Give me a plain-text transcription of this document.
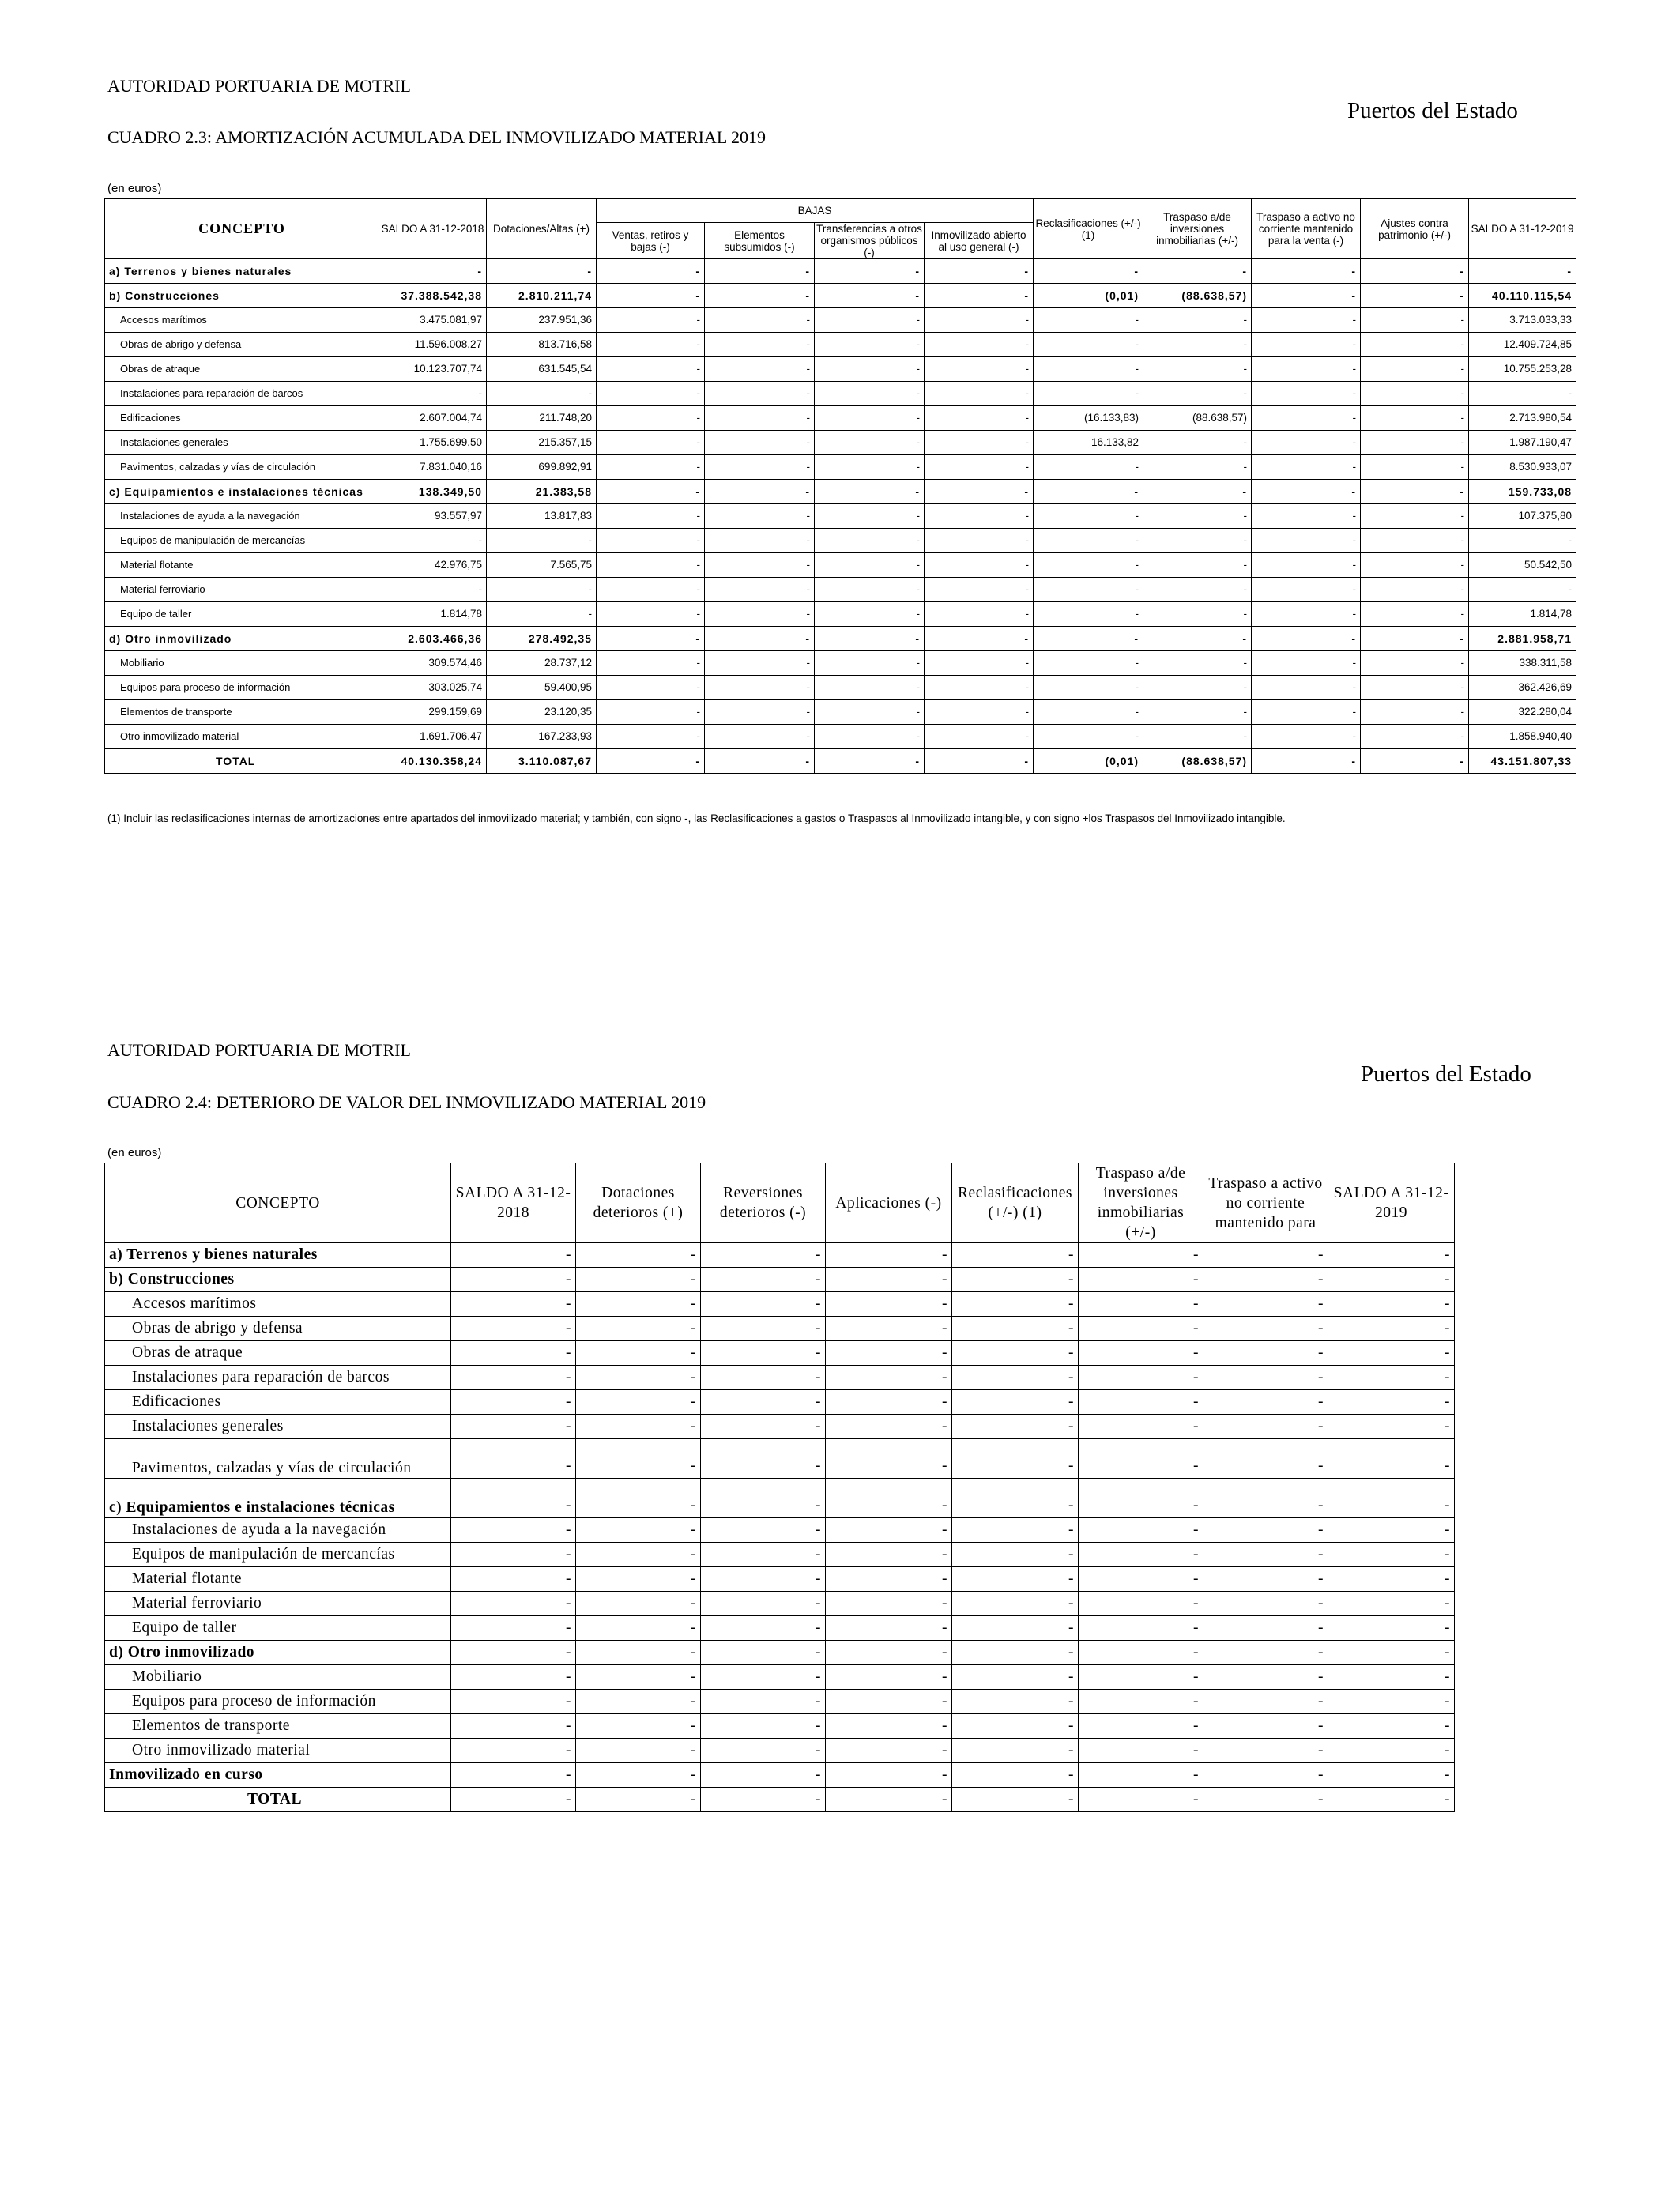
AUTORIDAD PORTUARIA DE MOTRIL
Puertos del Estado
CUADRO 2.3: AMORTIZACIÓN ACUMULADA DEL INMOVILIZADO MATERIAL 2019
(en euros)
CONCEPTO	SALDO A 31-12-2018	Dotaciones/Altas (+)	BAJAS				Reclasificaciones (+/-) (1)	Traspaso a/de inversiones inmobiliarias (+/-)	Traspaso a activo no corriente mantenido para la venta (-)	Ajustes contra patrimonio (+/-)	SALDO A 31-12-2019
			Ventas, retiros y bajas (-)	Elementos subsumidos (-)	Transferencias a otros organismos públicos (-)	Inmovilizado abierto al uso general (-)					
a) Terrenos y bienes naturales	-	-	-	-	-	-	-	-	-	-	-
b) Construcciones	37.388.542,38	2.810.211,74	-	-	-	-	(0,01)	(88.638,57)	-	-	40.110.115,54
Accesos marítimos	3.475.081,97	237.951,36	-	-	-	-	-	-	-	-	3.713.033,33
Obras de abrigo y defensa	11.596.008,27	813.716,58	-	-	-	-	-	-	-	-	12.409.724,85
Obras de atraque	10.123.707,74	631.545,54	-	-	-	-	-	-	-	-	10.755.253,28
Instalaciones para reparación de barcos	-	-	-	-	-	-	-	-	-	-	-
Edificaciones	2.607.004,74	211.748,20	-	-	-	-	(16.133,83)	(88.638,57)	-	-	2.713.980,54
Instalaciones generales	1.755.699,50	215.357,15	-	-	-	-	16.133,82	-	-	-	1.987.190,47
Pavimentos, calzadas y vías de circulación	7.831.040,16	699.892,91	-	-	-	-	-	-	-	-	8.530.933,07
c) Equipamientos e instalaciones técnicas	138.349,50	21.383,58	-	-	-	-	-	-	-	-	159.733,08
Instalaciones de ayuda a la navegación	93.557,97	13.817,83	-	-	-	-	-	-	-	-	107.375,80
Equipos de manipulación de mercancías	-	-	-	-	-	-	-	-	-	-	-
Material flotante	42.976,75	7.565,75	-	-	-	-	-	-	-	-	50.542,50
Material ferroviario	-	-	-	-	-	-	-	-	-	-	-
Equipo de taller	1.814,78	-	-	-	-	-	-	-	-	-	1.814,78
d) Otro inmovilizado	2.603.466,36	278.492,35	-	-	-	-	-	-	-	-	2.881.958,71
Mobiliario	309.574,46	28.737,12	-	-	-	-	-	-	-	-	338.311,58
Equipos para proceso de información	303.025,74	59.400,95	-	-	-	-	-	-	-	-	362.426,69
Elementos de transporte	299.159,69	23.120,35	-	-	-	-	-	-	-	-	322.280,04
Otro inmovilizado material	1.691.706,47	167.233,93	-	-	-	-	-	-	-	-	1.858.940,40
TOTAL	40.130.358,24	3.110.087,67	-	-	-	-	(0,01)	(88.638,57)	-	-	43.151.807,33
(1) Incluir las reclasificaciones internas de amortizaciones entre apartados del inmovilizado material; y también, con signo -, las Reclasificaciones a gastos o Traspasos al Inmovilizado intangible, y con signo +los Traspasos del Inmovilizado intangible.
AUTORIDAD PORTUARIA DE MOTRIL
Puertos del Estado
CUADRO 2.4: DETERIORO DE VALOR DEL INMOVILIZADO MATERIAL 2019
(en euros)
CONCEPTO	SALDO A 31-12-2018	Dotaciones deterioros (+)	Reversiones deterioros (-)	Aplicaciones (-)	Reclasificaciones (+/-) (1)	Traspaso a/de inversiones inmobiliarias (+/-)	Traspaso a activo no corriente mantenido para	SALDO A 31-12-2019
a) Terrenos y bienes naturales	-	-	-	-	-	-	-	-
b) Construcciones	-	-	-	-	-	-	-	-
Accesos marítimos	-	-	-	-	-	-	-	-
Obras de abrigo y defensa	-	-	-	-	-	-	-	-
Obras de atraque	-	-	-	-	-	-	-	-
Instalaciones para reparación de barcos	-	-	-	-	-	-	-	-
Edificaciones	-	-	-	-	-	-	-	-
Instalaciones generales	-	-	-	-	-	-	-	-
Pavimentos, calzadas y vías de circulación	-	-	-	-	-	-	-	-
c) Equipamientos e instalaciones técnicas	-	-	-	-	-	-	-	-
Instalaciones de ayuda a la navegación	-	-	-	-	-	-	-	-
Equipos de manipulación de mercancías	-	-	-	-	-	-	-	-
Material flotante	-	-	-	-	-	-	-	-
Material ferroviario	-	-	-	-	-	-	-	-
Equipo de taller	-	-	-	-	-	-	-	-
d) Otro inmovilizado	-	-	-	-	-	-	-	-
Mobiliario	-	-	-	-	-	-	-	-
Equipos para proceso de información	-	-	-	-	-	-	-	-
Elementos de transporte	-	-	-	-	-	-	-	-
Otro inmovilizado material	-	-	-	-	-	-	-	-
Inmovilizado en curso	-	-	-	-	-	-	-	-
TOTAL	-	-	-	-	-	-	-	-
